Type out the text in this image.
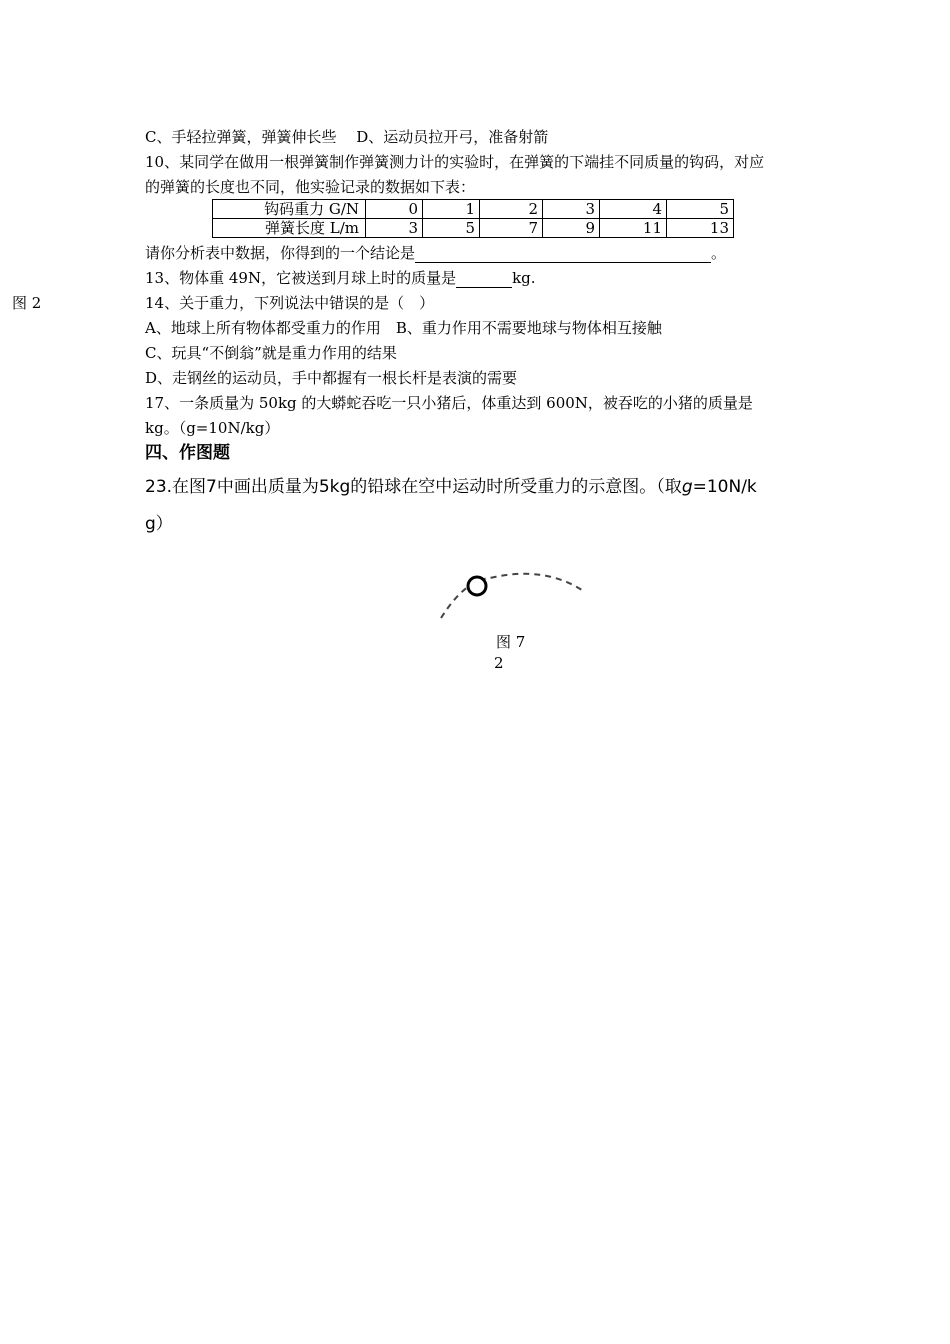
C、手轻拉弹簧，弹簧伸长些　 D、运动员拉开弓，准备射箭
10、某同学在做用一根弹簧制作弹簧测力计的实验时，在弹簧的下端挂不同质量的钩码，对应
的弹簧的长度也不同，他实验记录的数据如下表：
钩码重力 G/N	0	1	2	3	4	5
弹簧长度 L/m	3	5	7	9	11	13
请你分析表中数据，你得到的一个结论是	。
13、物体重 49N，它被送到月球上时的质量是	kg.
图 2	14、关于重力，下列说法中错误的是（　）
A、地球上所有物体都受重力的作用　B、重力作用不需要地球与物体相互接触
C、玩具“不倒翁”就是重力作用的结果
D、走钢丝的运动员，手中都握有一根长杆是表演的需要
17、一条质量为 50kg 的大蟒蛇吞吃一只小猪后，体重达到 600N，被吞吃的小猪的质量是
kg。（g=10N/kg）
四、作图题
23.在图7中画出质量为5kg的铅球在空中运动时所受重力的示意图。（取g=10N/k
g）
图 7
2
